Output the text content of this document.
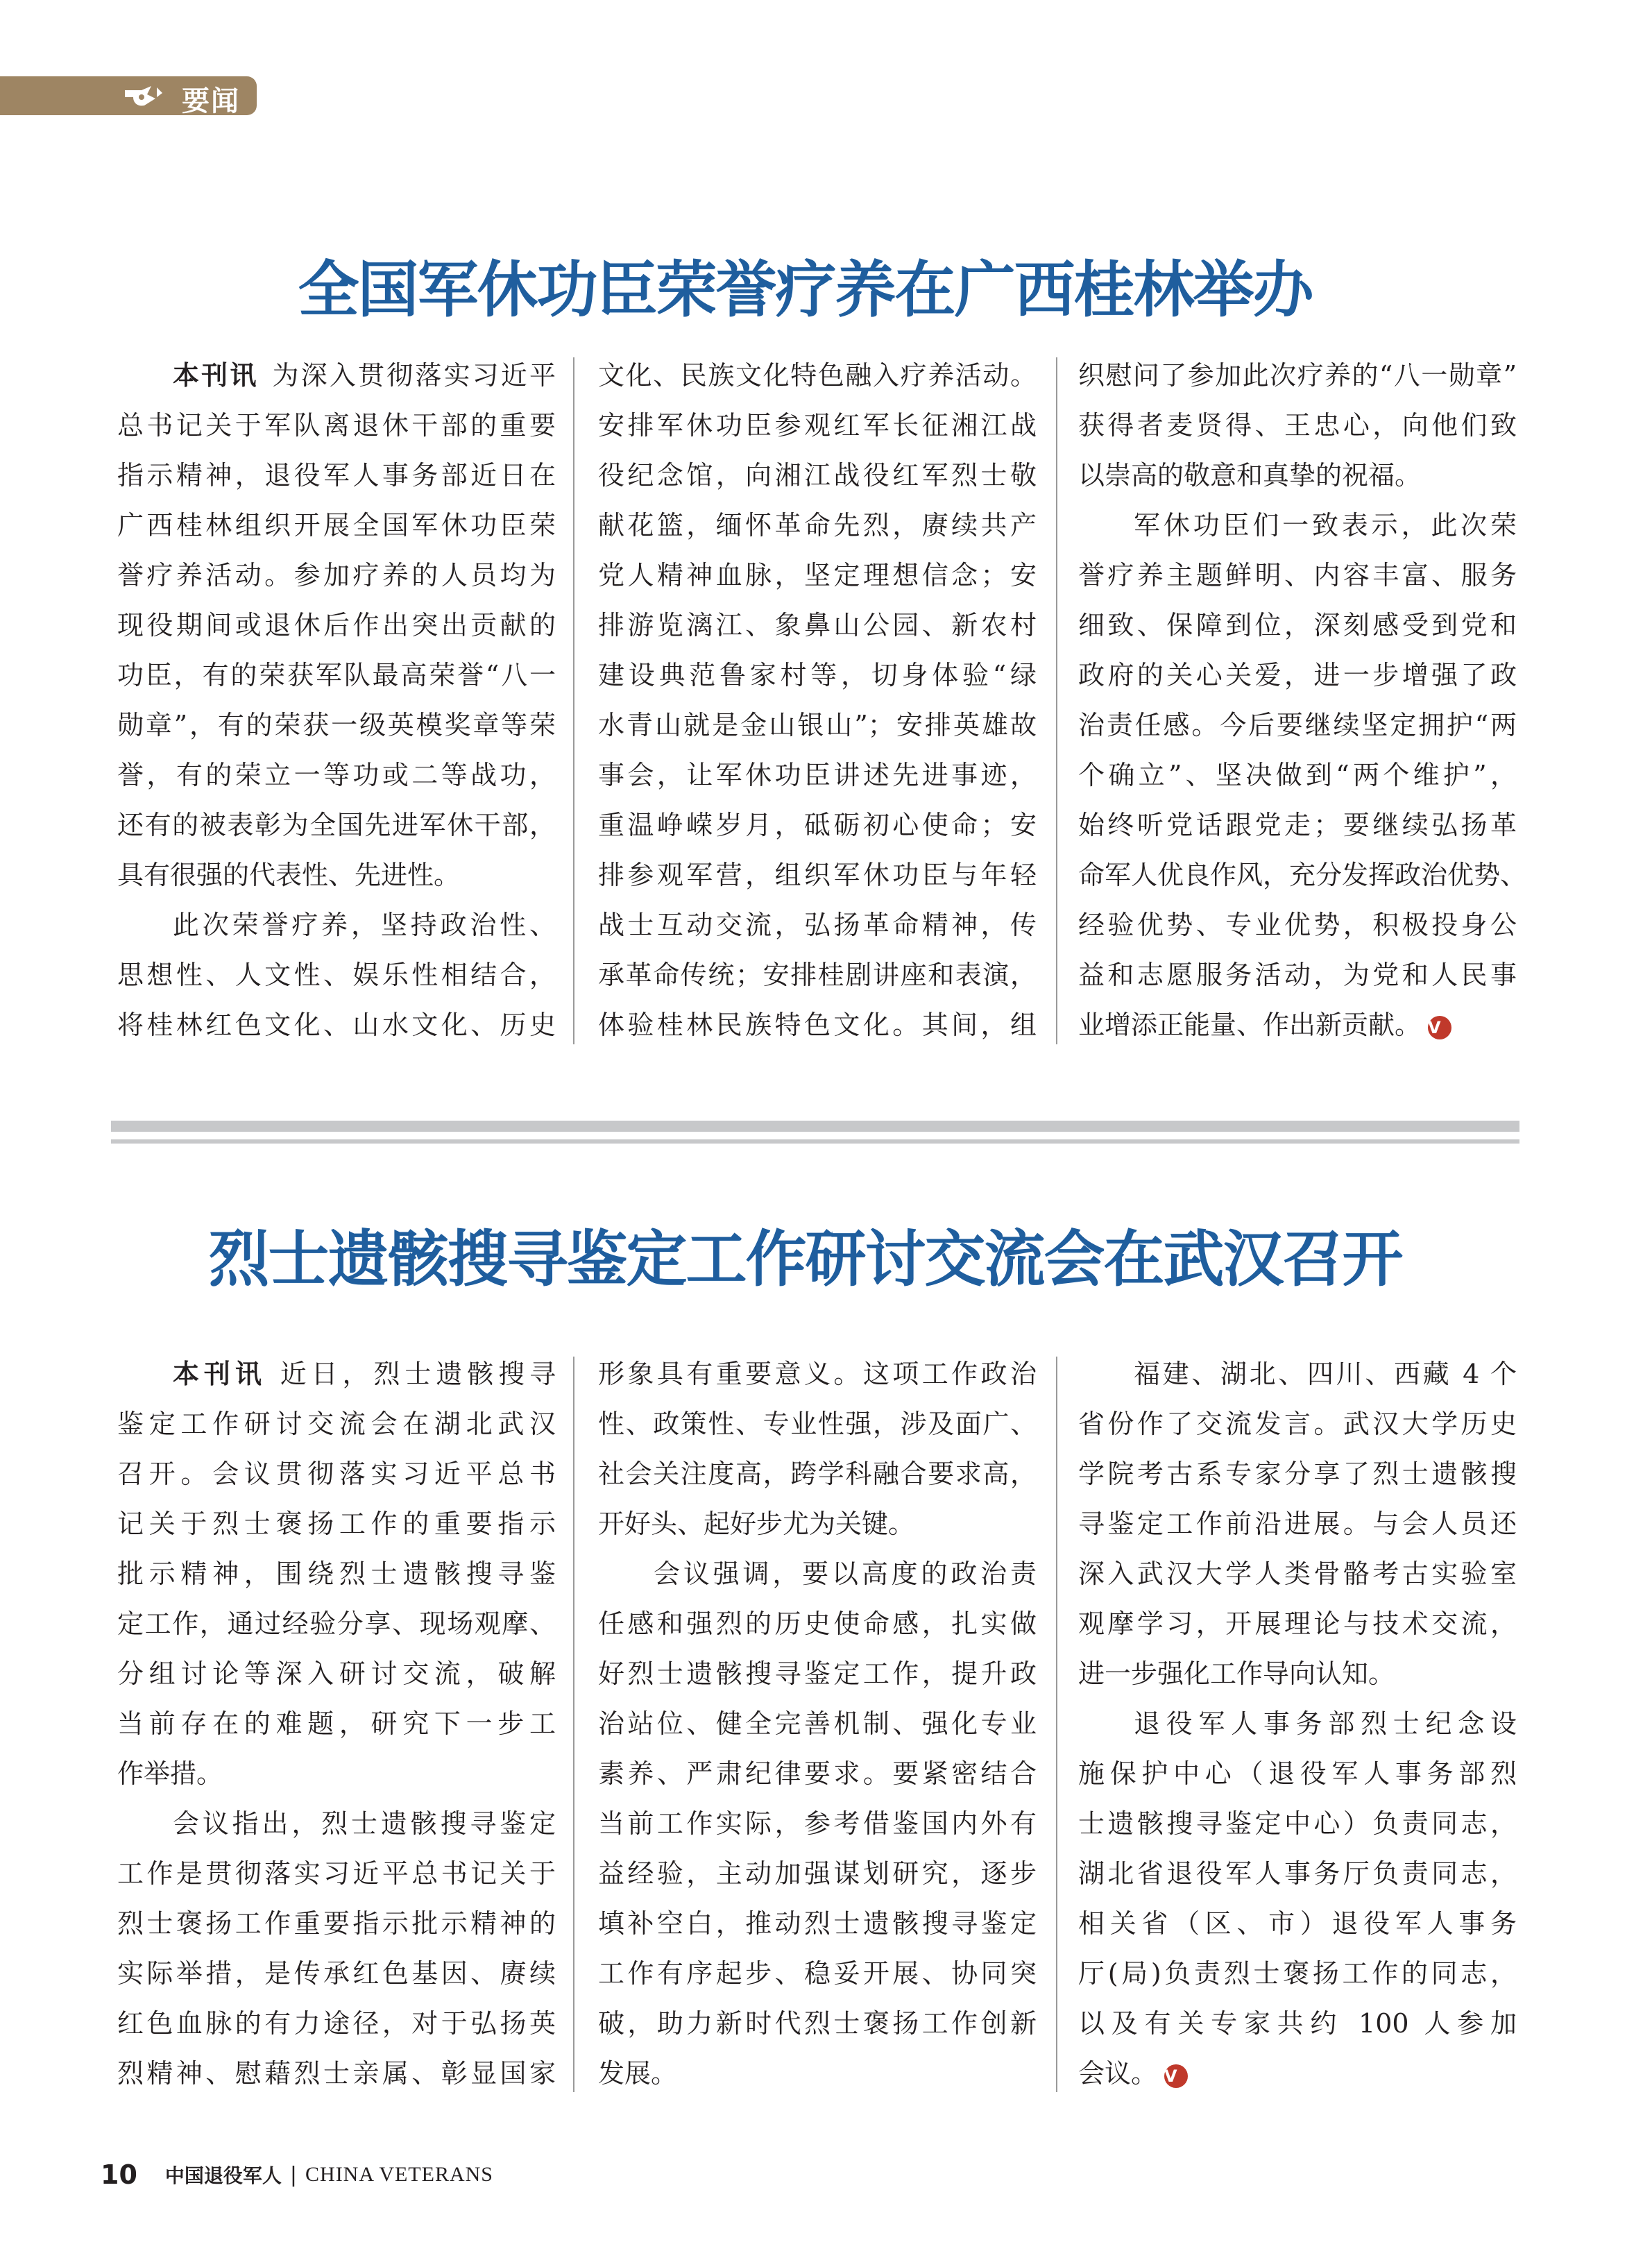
要闻
全国军休功臣荣誉疗养在广西桂林举办
本刊讯 为深入贯彻落实习近平
总书记关于军队离退休干部的重要
指示精神，退役军人事务部近日在
广西桂林组织开展全国军休功臣荣
誉疗养活动。参加疗养的人员均为
现役期间或退休后作出突出贡献的
功臣，有的荣获军队最高荣誉“八一
勋章”，有的荣获一级英模奖章等荣
誉，有的荣立一等功或二等战功，
还有的被表彰为全国先进军休干部，
具有很强的代表性、先进性。
此次荣誉疗养，坚持政治性、
思想性、人文性、娱乐性相结合，
将桂林红色文化、山水文化、历史
文化、民族文化特色融入疗养活动。
安排军休功臣参观红军长征湘江战
役纪念馆，向湘江战役红军烈士敬
献花篮，缅怀革命先烈，赓续共产
党人精神血脉，坚定理想信念；安
排游览漓江、象鼻山公园、新农村
建设典范鲁家村等，切身体验“绿
水青山就是金山银山”；安排英雄故
事会，让军休功臣讲述先进事迹，
重温峥嵘岁月，砥砺初心使命；安
排参观军营，组织军休功臣与年轻
战士互动交流，弘扬革命精神，传
承革命传统；安排桂剧讲座和表演，
体验桂林民族特色文化。其间，组
织慰问了参加此次疗养的“八一勋章”
获得者麦贤得、王忠心，向他们致
以崇高的敬意和真挚的祝福。
军休功臣们一致表示，此次荣
誉疗养主题鲜明、内容丰富、服务
细致、保障到位，深刻感受到党和
政府的关心关爱，进一步增强了政
治责任感。今后要继续坚定拥护“两
个确立”、坚决做到“两个维护”，
始终听党话跟党走；要继续弘扬革
命军人优良作风，充分发挥政治优势、
经验优势、专业优势，积极投身公
益和志愿服务活动，为党和人民事
业增添正能量、作出新贡献。 V
烈士遗骸搜寻鉴定工作研讨交流会在武汉召开
本刊讯 近日，烈士遗骸搜寻
鉴定工作研讨交流会在湖北武汉
召开。会议贯彻落实习近平总书
记关于烈士褒扬工作的重要指示
批示精神，围绕烈士遗骸搜寻鉴
定工作，通过经验分享、现场观摩、
分组讨论等深入研讨交流，破解
当前存在的难题，研究下一步工
作举措。
会议指出，烈士遗骸搜寻鉴定
工作是贯彻落实习近平总书记关于
烈士褒扬工作重要指示批示精神的
实际举措，是传承红色基因、赓续
红色血脉的有力途径，对于弘扬英
烈精神、慰藉烈士亲属、彰显国家
形象具有重要意义。这项工作政治
性、政策性、专业性强，涉及面广、
社会关注度高，跨学科融合要求高，
开好头、起好步尤为关键。
会议强调，要以高度的政治责
任感和强烈的历史使命感，扎实做
好烈士遗骸搜寻鉴定工作，提升政
治站位、健全完善机制、强化专业
素养、严肃纪律要求。要紧密结合
当前工作实际，参考借鉴国内外有
益经验，主动加强谋划研究，逐步
填补空白，推动烈士遗骸搜寻鉴定
工作有序起步、稳妥开展、协同突
破，助力新时代烈士褒扬工作创新
发展。
福建、湖北、四川、西藏 4 个
省份作了交流发言。武汉大学历史
学院考古系专家分享了烈士遗骸搜
寻鉴定工作前沿进展。与会人员还
深入武汉大学人类骨骼考古实验室
观摩学习，开展理论与技术交流，
进一步强化工作导向认知。
退役军人事务部烈士纪念设
施保护中心（退役军人事务部烈
士遗骸搜寻鉴定中心）负责同志，
湖北省退役军人事务厅负责同志，
相关省（区、市）退役军人事务
厅(局)负责烈士褒扬工作的同志，
以及有关专家共约 100 人参加
会议。 V
10 中国退役军人 | CHINA VETERANS
